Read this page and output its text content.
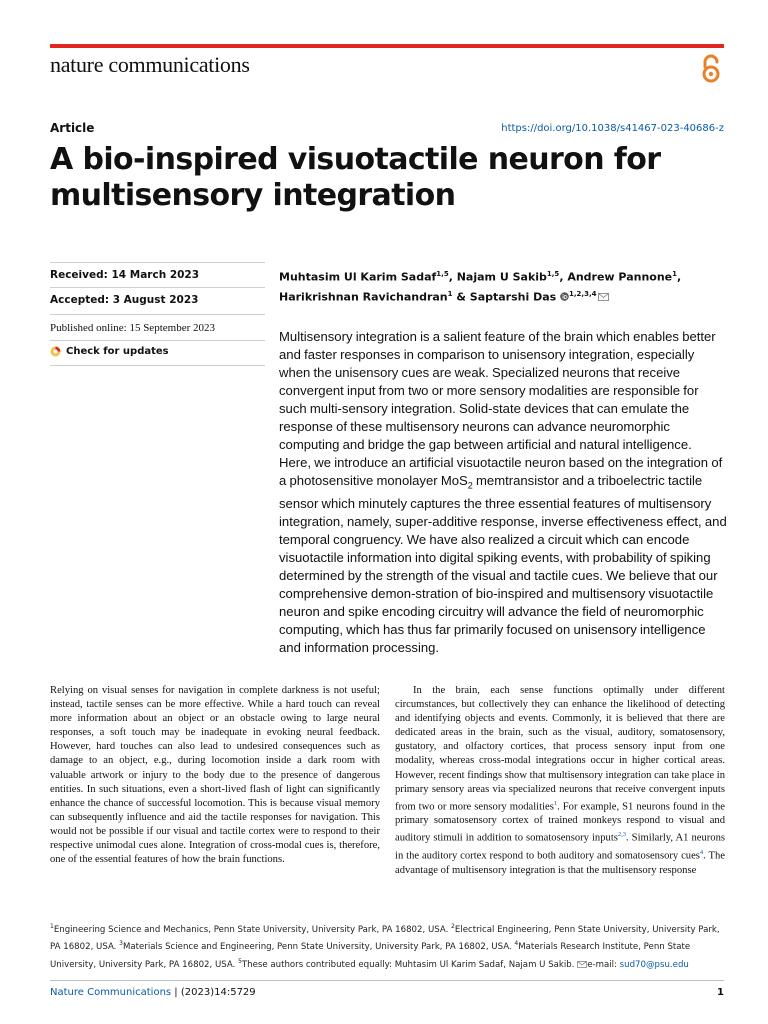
nature communications
Article	https://doi.org/10.1038/s41467-023-40686-z
A bio-inspired visuotactile neuron for
multisensory integration
Received: 14 March 2023
Accepted: 3 August 2023
Published online: 15 September 2023
Check for updates

Muhtasim Ul Karim Sadaf$^{1,5}$, Najam U Sakib$^{1,5}$, Andrew Pannone$^1$,
Harikrishnan Ravichandran$^1$ & Saptarshi Das $^{1,2,3,4}$

Multisensory integration is a salient feature of the brain which enables better and faster responses in comparison to unisensory integration, especially when the unisensory cues are weak. Specialized neurons that receive convergent input from two or more sensory modalities are responsible for such multi-sensory integration. Solid-state devices that can emulate the response of these multisensory neurons can advance neuromorphic computing and bridge the gap between artificial and natural intelligence. Here, we introduce an artificial visuotactile neuron based on the integration of a photosensitive monolayer MoS$_2$ memtransistor and a triboelectric tactile sensor which minutely captures the three essential features of multisensory integration, namely, super-additive response, inverse effectiveness effect, and temporal congruency. We have also realized a circuit which can encode visuotactile information into digital spiking events, with probability of spiking determined by the strength of the visual and tactile cues. We believe that our comprehensive demon-stration of bio-inspired and multisensory visuotactile neuron and spike encoding circuitry will advance the field of neuromorphic computing, which has thus far primarily focused on unisensory intelligence and information processing.

Relying on visual senses for navigation in complete darkness is not useful; instead, tactile senses can be more effective. While a hard touch can reveal more information about an object or an obstacle owing to large neural responses, a soft touch may be inadequate in evoking neural feedback. However, hard touches can also lead to undesired consequences such as damage to an object, e.g., during locomotion inside a dark room with valuable artwork or injury to the body due to the presence of dangerous entities. In such situations, even a short-lived flash of light can significantly enhance the chance of successful locomotion. This is because visual memory can subsequently influence and aid the tactile responses for navigation. This would not be possible if our visual and tactile cortex were to respond to their respective unimodal cues alone. Integration of cross-modal cues is, therefore, one of the essential features of how the brain functions.

In the brain, each sense functions optimally under different circumstances, but collectively they can enhance the likelihood of detecting and identifying objects and events. Commonly, it is believed that there are dedicated areas in the brain, such as the visual, auditory, somatosensory, gustatory, and olfactory cortices, that process sensory input from one modality, whereas cross-modal integrations occur in higher cortical areas. However, recent findings show that multisensory integration can take place in primary sensory areas via specialized neurons that receive convergent inputs from two or more sensory modalities$^1$. For example, S1 neurons found in the primary somatosensory cortex of trained monkeys respond to visual and auditory stimuli in addition to somatosensory inputs$^{2,3}$. Similarly, A1 neurons in the auditory cortex respond to both auditory and somatosensory cues$^4$. The advantage of multisensory integration is that the multisensory response

$^1$Engineering Science and Mechanics, Penn State University, University Park, PA 16802, USA. $^2$Electrical Engineering, Penn State University, University Park, PA 16802, USA. $^3$Materials Science and Engineering, Penn State University, University Park, PA 16802, USA. $^4$Materials Research Institute, Penn State University, University Park, PA 16802, USA. $^5$These authors contributed equally: Muhtasim Ul Karim Sadaf, Najam U Sakib. e-mail: sud70@psu.edu

Nature Communications | (2023)14:5729	1
